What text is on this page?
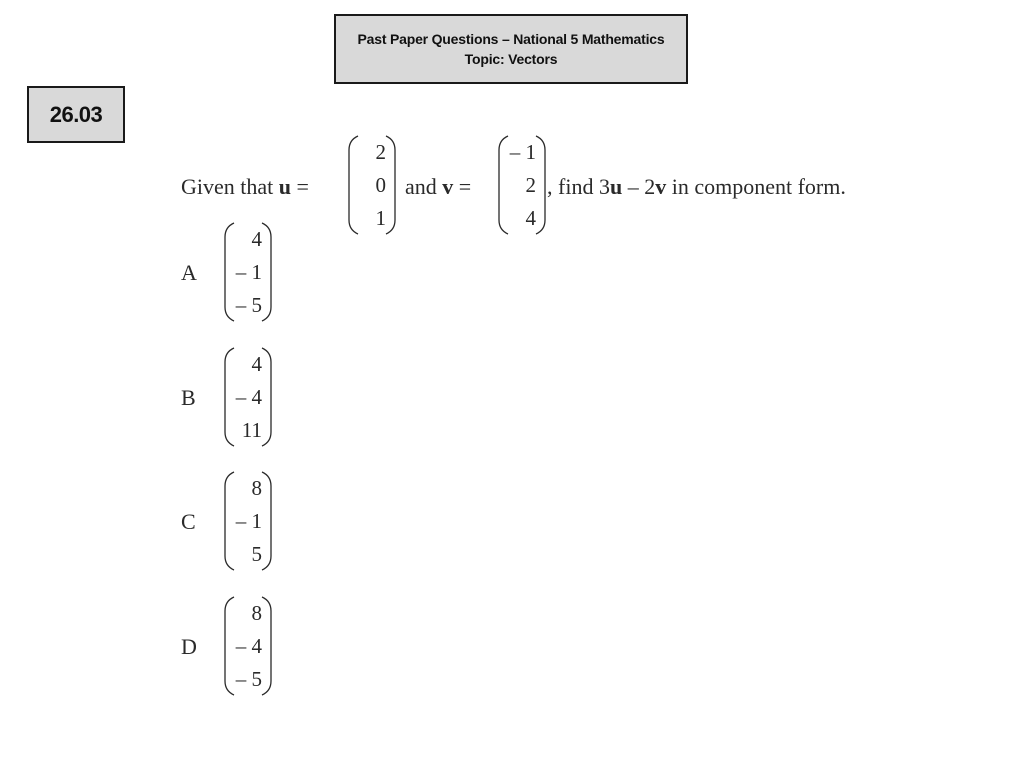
Past Paper Questions – National 5 Mathematics
Topic: Vectors
26.03
Given that u =
2
0
1
and v =
– 1
2
4
, find 3u – 2v in component form.
A
4
– 1
– 5
B
4
– 4
11
C
8
– 1
5
D
8
– 4
– 5
